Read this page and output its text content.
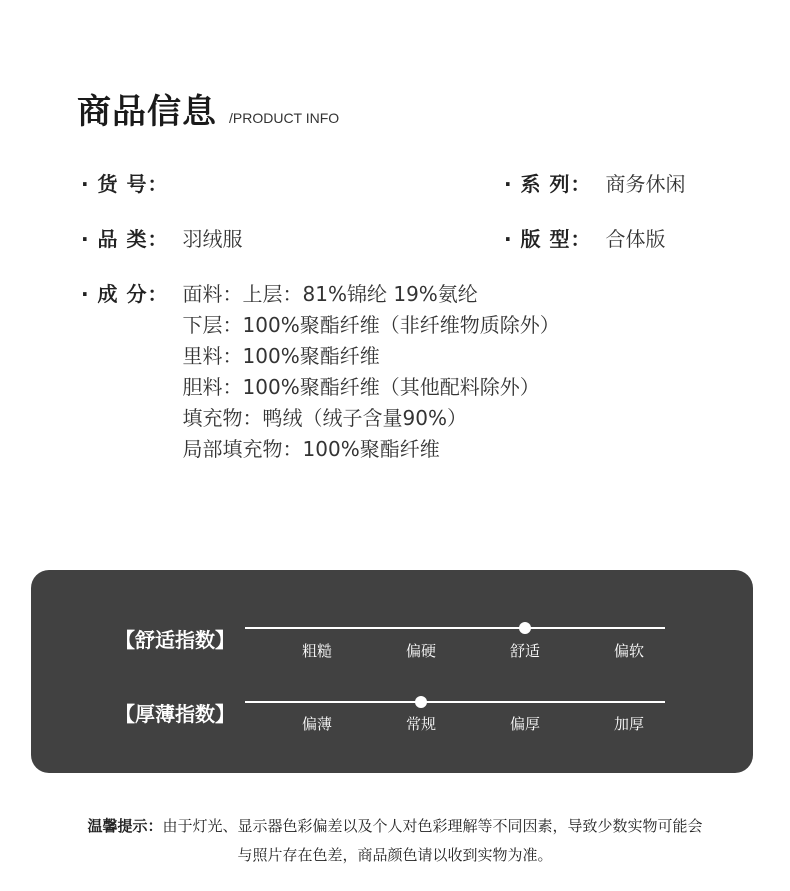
商品信息 /PRODUCT INFO
· 货 号：	· 系 列： 商务休闲
· 品 类： 羽绒服	· 版 型： 合体版
· 成 分： 面料：上层：81%锦纶 19%氨纶
下层：100%聚酯纤维（非纤维物质除外）
里料：100%聚酯纤维
胆料：100%聚酯纤维（其他配料除外）
填充物：鸭绒（绒子含量90%）
局部填充物：100%聚酯纤维
【舒适指数】	粗糙	偏硬	舒适	偏软
【厚薄指数】	偏薄	常规	偏厚	加厚
温馨提示：由于灯光、显示器色彩偏差以及个人对色彩理解等不同因素，导致少数实物可能会
与照片存在色差，商品颜色请以收到实物为准。
